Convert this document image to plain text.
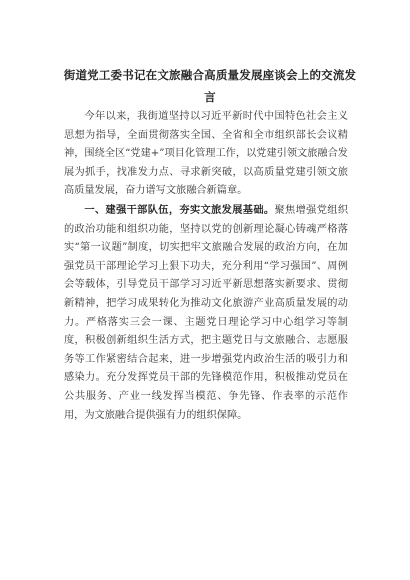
街道党工委书记在文旅融合高质量发展座谈会上的交流发言

今年以来，我街道坚持以习近平新时代中国特色社会主义思想为指导，全面贯彻落实全国、全省和全市组织部长会议精神，围绕全区“党建+”项目化管理工作，以党建引领文旅融合发展为抓手，找准发力点、寻求新突破，以高质量党建引领文旅高质量发展，奋力谱写文旅融合新篇章。

一、建强干部队伍，夯实文旅发展基础。聚焦增强党组织的政治功能和组织功能，坚持以党的创新理论凝心铸魂严格落实“第一议题”制度，切实把牢文旅融合发展的政治方向，在加强党员干部理论学习上狠下功夫，充分利用“学习强国”、周例会等载体，引导党员干部学习习近平新思想落实新要求、贯彻新精神，把学习成果转化为推动文化旅游产业高质量发展的动力。严格落实三会一课、主题党日理论学习中心组学习等制度，积极创新组织生活方式，把主题党日与文旅融合、志愿服务等工作紧密结合起来，进一步增强党内政治生活的吸引力和感染力。充分发挥党员干部的先锋模范作用，积极推动党员在公共服务、产业一线发挥当模范、争先锋、作表率的示范作用，为文旅融合提供强有力的组织保障。
